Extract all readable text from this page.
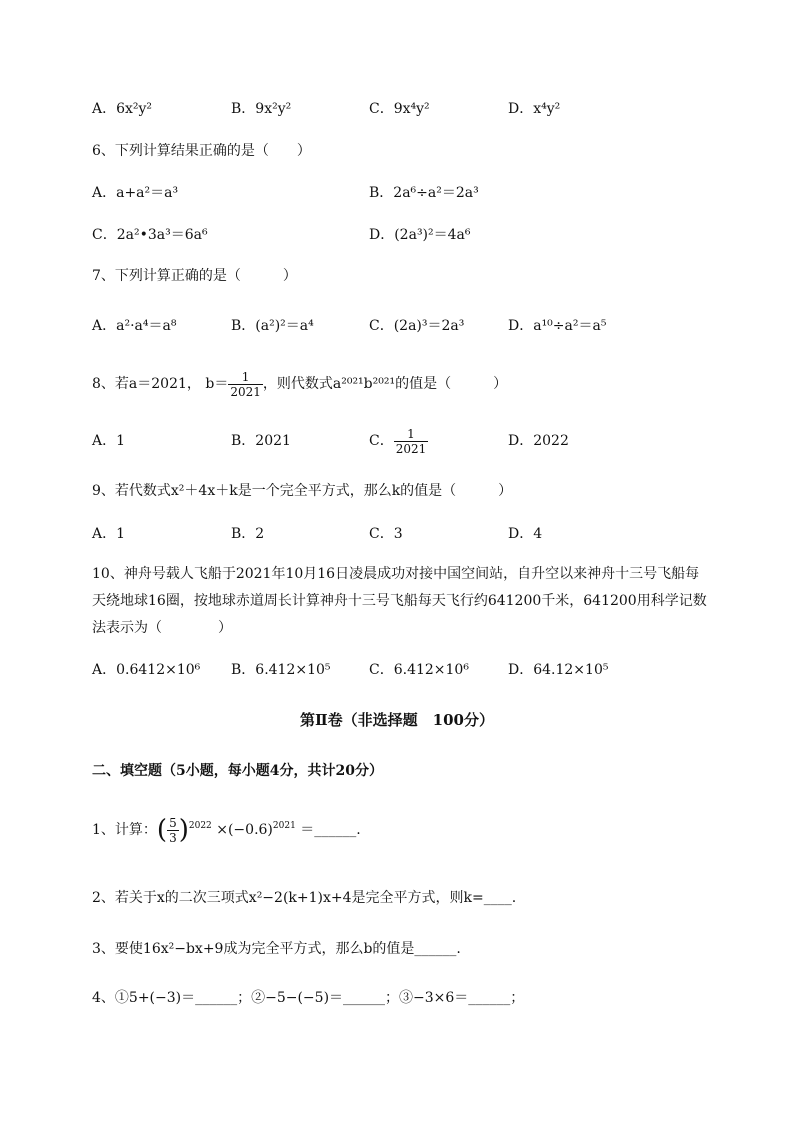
A．6x²y²	B．9x²y²	C．9x⁴y²	D．x⁴y²
6、下列计算结果正确的是（　　）
A．a+a²＝a³	B．2a⁶÷a²＝2a³
C．2a²•3a³＝6a⁶	D．(2a³)²＝4a⁶
7、下列计算正确的是（　　　）
A．a²·a⁴＝a⁸	B．(a²)²＝a⁴	C．(2a)³＝2a³	D．a¹⁰÷a²＝a⁵
8、若a＝2021， $b= \frac{1}{2021}$ ，则代数式a²⁰²¹b²⁰²¹的值是（　　　）
A．1	B．2021	C． $\frac{1}{2021}$	D．2022
9、若代数式x²＋4x＋k是一个完全平方式，那么k的值是（　　　）
A．1	B．2	C．3	D．4
10、神舟号载人飞船于2021年10月16日凌晨成功对接中国空间站，自升空以来神舟十三号飞船每天绕地球16圈，按地球赤道周长计算神舟十三号飞船每天飞行约641200千米，641200用科学记数法表示为（　　　　）
A．0.6412×10⁶ B．6.412×10⁵	C．6.412×10⁶	D．64.12×10⁵
第Ⅱ卷（非选择题　100分）
二、填空题（5小题，每小题4分，共计20分）
1、计算：( $\frac{5}{3} )^{2022} \times(-0.6)^{2021}$ ＝______.
2、若关于x的二次三项式x²−2(k+1)x+4是完全平方式，则k=____.
3、要使16x²−bx+9成为完全平方式，那么b的值是______.
4、①5+(−3)＝______；②−5−(−5)＝______；③−3×6＝______；
